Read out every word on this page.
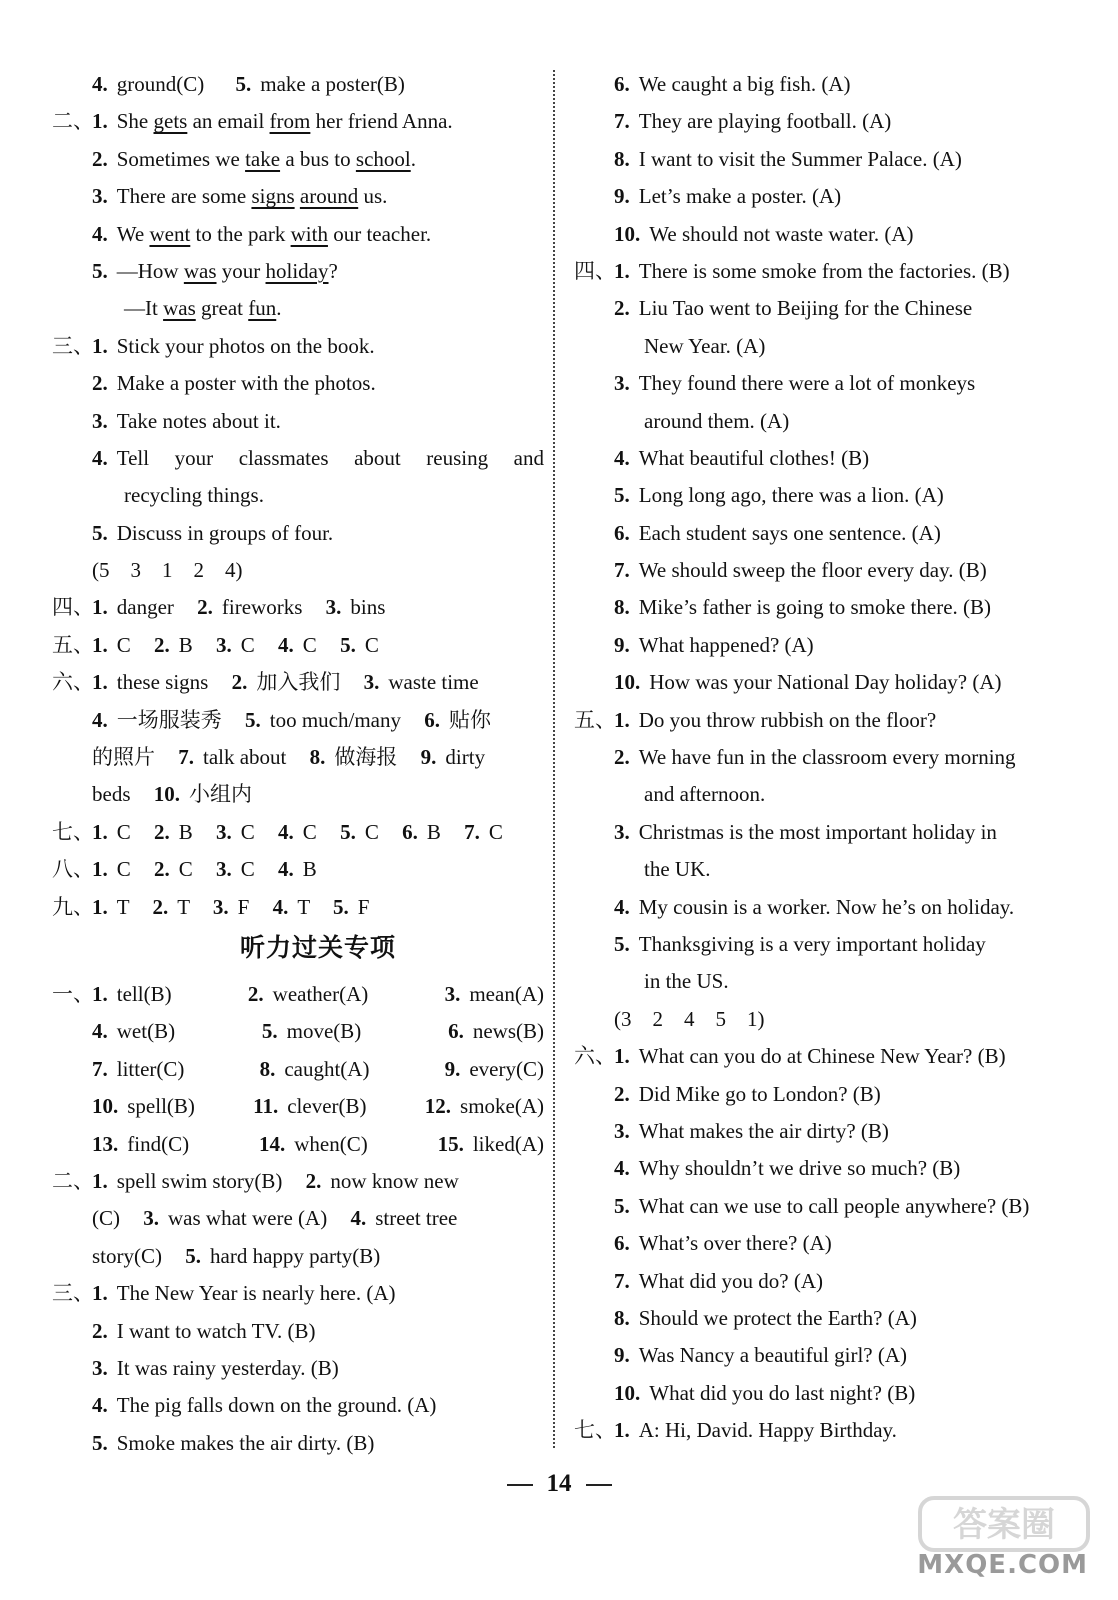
4. ground(C) 5. make a poster(B)
二、1. She gets an email from her friend Anna.
2. Sometimes we take a bus to school.
3. There are some signs around us.
4. We went to the park with our teacher.
5. —How was your holiday?
—It was great fun.
三、1. Stick your photos on the book.
2. Make a poster with the photos.
3. Take notes about it.
4. Tell your classmates about reusing and
recycling things.
5. Discuss in groups of four.
(5　3　1　2　4)
四、1. danger 2. fireworks 3. bins
五、1. C 2. B 3. C 4. C 5. C
六、1. these signs 2. 加入我们 3. waste time
4. 一场服装秀 5. too much/many 6. 贴你
的照片 7. talk about 8. 做海报 9. dirty
beds 10. 小组内
七、1. C 2. B 3. C 4. C 5. C 6. B 7. C
八、1. C 2. C 3. C 4. B
九、1. T 2. T 3. F 4. T 5. F
听力过关专项
一、1. tell(B)	2. weather(A)	3. mean(A)
4. wet(B)	5. move(B)	6. news(B)
7. litter(C)	8. caught(A)	9. every(C)
10. spell(B)	11. clever(B)	12. smoke(A)
13. find(C)	14. when(C)	15. liked(A)
二、1. spell swim story(B) 2. now know new
(C) 3. was what were (A) 4. street tree
story(C) 5. hard happy party(B)
三、1. The New Year is nearly here. (A)
2. I want to watch TV. (B)
3. It was rainy yesterday. (B)
4. The pig falls down on the ground. (A)
5. Smoke makes the air dirty. (B)
6. We caught a big fish. (A)
7. They are playing football. (A)
8. I want to visit the Summer Palace. (A)
9. Let’s make a poster. (A)
10. We should not waste water. (A)
四、1. There is some smoke from the factories. (B)
2. Liu Tao went to Beijing for the Chinese
New Year. (A)
3. They found there were a lot of monkeys
around them. (A)
4. What beautiful clothes! (B)
5. Long long ago, there was a lion. (A)
6. Each student says one sentence. (A)
7. We should sweep the floor every day. (B)
8. Mike’s father is going to smoke there. (B)
9. What happened? (A)
10. How was your National Day holiday? (A)
五、1. Do you throw rubbish on the floor?
2. We have fun in the classroom every morning
and afternoon.
3. Christmas is the most important holiday in
the UK.
4. My cousin is a worker. Now he’s on holiday.
5. Thanksgiving is a very important holiday
in the US.
(3　2　4　5　1)
六、1. What can you do at Chinese New Year? (B)
2. Did Mike go to London? (B)
3. What makes the air dirty? (B)
4. Why shouldn’t we drive so much? (B)
5. What can we use to call people anywhere? (B)
6. What’s over there? (A)
7. What did you do? (A)
8. Should we protect the Earth? (A)
9. Was Nancy a beautiful girl? (A)
10. What did you do last night? (B)
七、1. A: Hi, David. Happy Birthday.
14
答案圈
MXQE.COM
